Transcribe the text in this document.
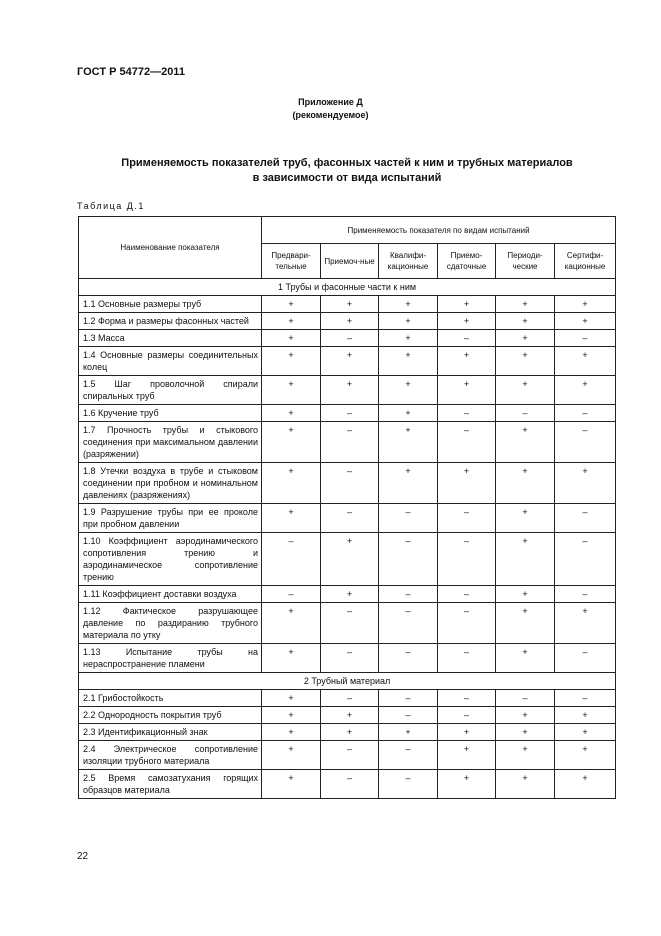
ГОСТ Р 54772—2011
Приложение Д
(рекомендуемое)
Применяемость показателей труб, фасонных частей к ним и трубных материалов
в зависимости от вида испытаний
Таблица Д.1
Наименование показателя	Применяемость показателя по видам испытаний					
	Предвари-тельные	Приемоч-ные	Квалифи-кационные	Приемо-сдаточные	Периоди-ческие	Сертифи-кационные
1 Трубы и фасонные части к ним						
1.1 Основные размеры труб	+	+	+	+	+	+
1.2 Форма и размеры фасонных частей	+	+	+	+	+	+
1.3 Масса	+	–	+	–	+	–
1.4 Основные размеры соединительных колец	+	+	+	+	+	+
1.5 Шаг проволочной спирали спиральных труб	+	+	+	+	+	+
1.6 Кручение труб	+	–	+	–	–	–
1.7 Прочность трубы и стыкового соединения при максимальном давлении (разряжении)	+	–	+	–	+	–
1.8 Утечки воздуха в трубе и стыковом соединении при пробном и номинальном давлениях (разряжениях)	+	–	+	+	+	+
1.9 Разрушение трубы при ее проколе при пробном давлении	+	–	–	–	+	–
1.10 Коэффициент аэродинамического сопротивления трению и аэродинамическое сопротивление трению	–	+	–	–	+	–
1.11 Коэффициент доставки воздуха	–	+	–	–	+	–
1.12 Фактическое разрушающее давление по раздиранию трубного материала по утку	+	–	–	–	+	+
1.13 Испытание трубы на нераспространение пламени	+	–	–	–	+	–
2 Трубный материал						
2.1 Грибостойкость	+	–	–	–	–	–
2.2 Однородность покрытия труб	+	+	–	–	+	+
2.3 Идентификационный знак	+	+	+	+	+	+
2.4 Электрическое сопротивление изоляции трубного материала	+	–	–	+	+	+
2.5 Время самозатухания горящих образцов материала	+	–	–	+	+	+
22
